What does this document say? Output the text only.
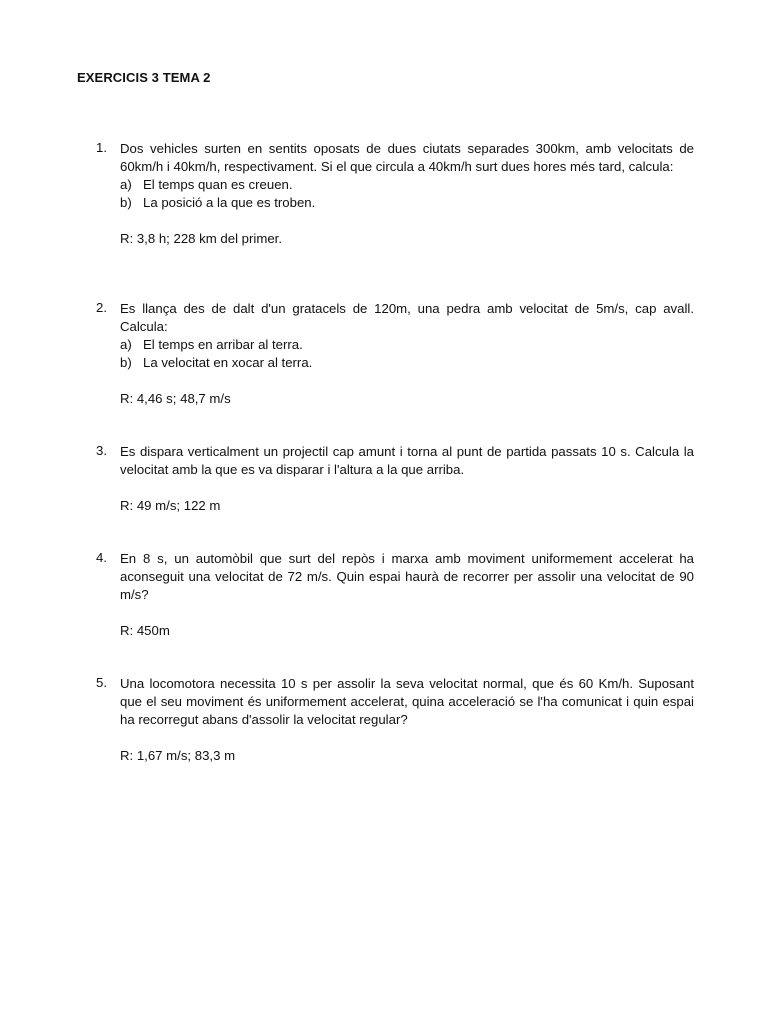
EXERCICIS 3 TEMA 2
1. Dos vehicles surten en sentits oposats de dues ciutats separades 300km, amb velocitats de 60km/h i 40km/h, respectivament. Si el que circula a 40km/h surt dues hores més tard, calcula:
a) El temps quan es creuen.
b) La posició a la que es troben.
R: 3,8 h; 228 km del primer.
2. Es llança des de dalt d'un gratacels de 120m, una pedra amb velocitat de 5m/s, cap avall. Calcula:
a) El temps en arribar al terra.
b) La velocitat en xocar al terra.
R: 4,46 s; 48,7 m/s
3. Es dispara verticalment un projectil cap amunt i torna al punt de partida passats 10 s. Calcula la velocitat amb la que es va disparar i l'altura a la que arriba.
R: 49 m/s; 122 m
4. En 8 s, un automòbil que surt del repòs i marxa amb moviment uniformement accelerat ha aconseguit una velocitat de 72 m/s. Quin espai haurà de recorrer per assolir una velocitat de 90 m/s?
R: 450m
5. Una locomotora necessita 10 s per assolir la seva velocitat normal, que és 60 Km/h. Suposant que el seu moviment és uniformement accelerat, quina acceleració se l'ha comunicat i quin espai ha recorregut abans d'assolir la velocitat regular?
R: 1,67 m/s; 83,3 m
